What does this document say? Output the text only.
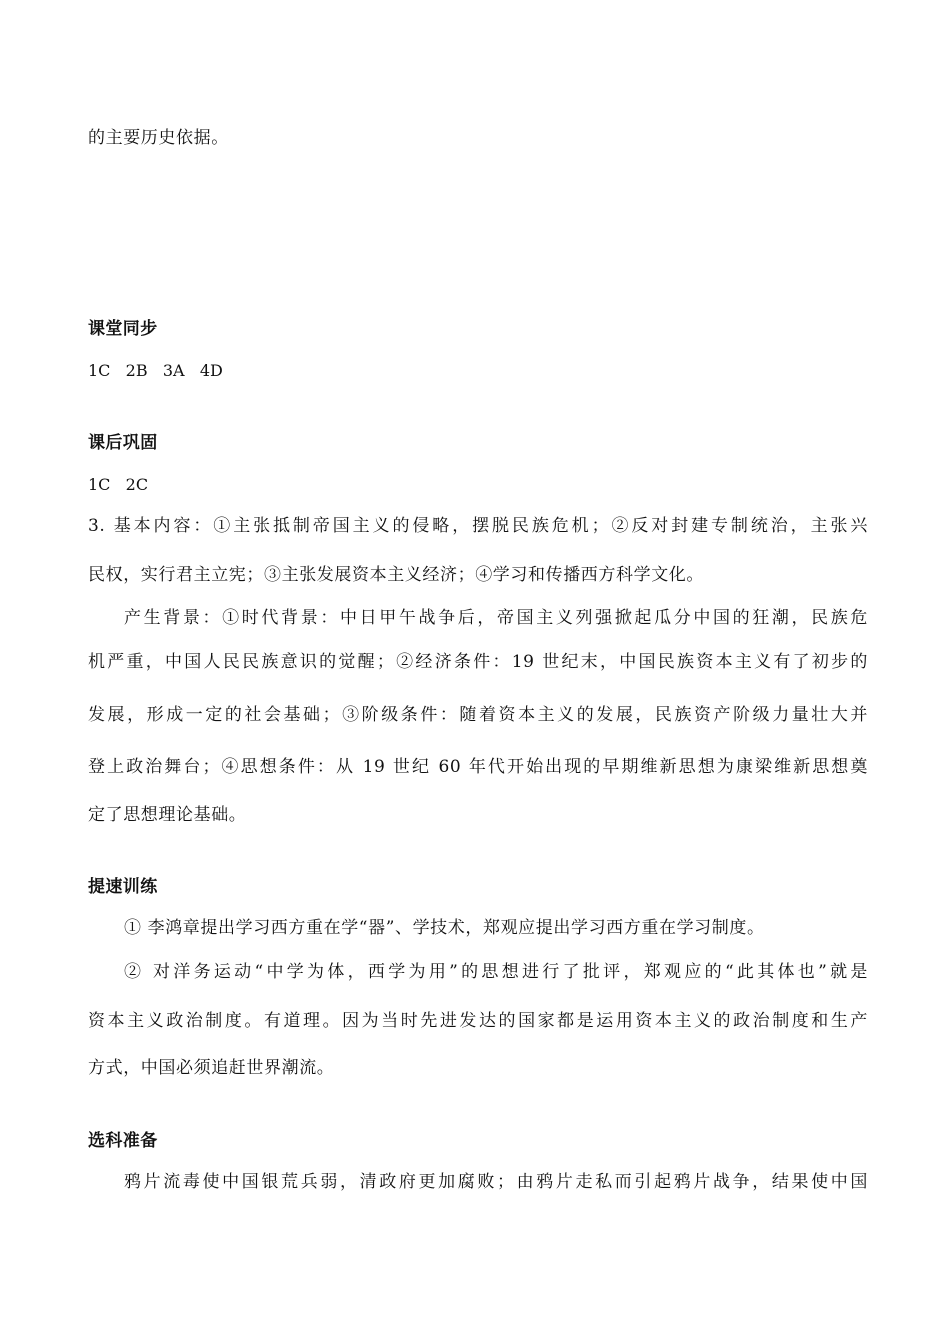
的主要历史依据。
课堂同步
1C   2B   3A   4D
课后巩固
1C   2C
3. 基本内容：①主张抵制帝国主义的侵略，摆脱民族危机；②反对封建专制统治，主张兴
民权，实行君主立宪；③主张发展资本主义经济；④学习和传播西方科学文化。
产生背景：①时代背景：中日甲午战争后，帝国主义列强掀起瓜分中国的狂潮，民族危
机严重，中国人民民族意识的觉醒；②经济条件：19 世纪末，中国民族资本主义有了初步的
发展，形成一定的社会基础；③阶级条件：随着资本主义的发展，民族资产阶级力量壮大并
登上政治舞台；④思想条件：从 19 世纪 60 年代开始出现的早期维新思想为康梁维新思想奠
定了思想理论基础。
提速训练
① 李鸿章提出学习西方重在学“器”、学技术，郑观应提出学习西方重在学习制度。
② 对洋务运动“中学为体，西学为用”的思想进行了批评，郑观应的“此其体也”就是
资本主义政治制度。有道理。因为当时先进发达的国家都是运用资本主义的政治制度和生产
方式，中国必须追赶世界潮流。
选科准备
鸦片流毒使中国银荒兵弱，清政府更加腐败；由鸦片走私而引起鸦片战争，结果使中国
